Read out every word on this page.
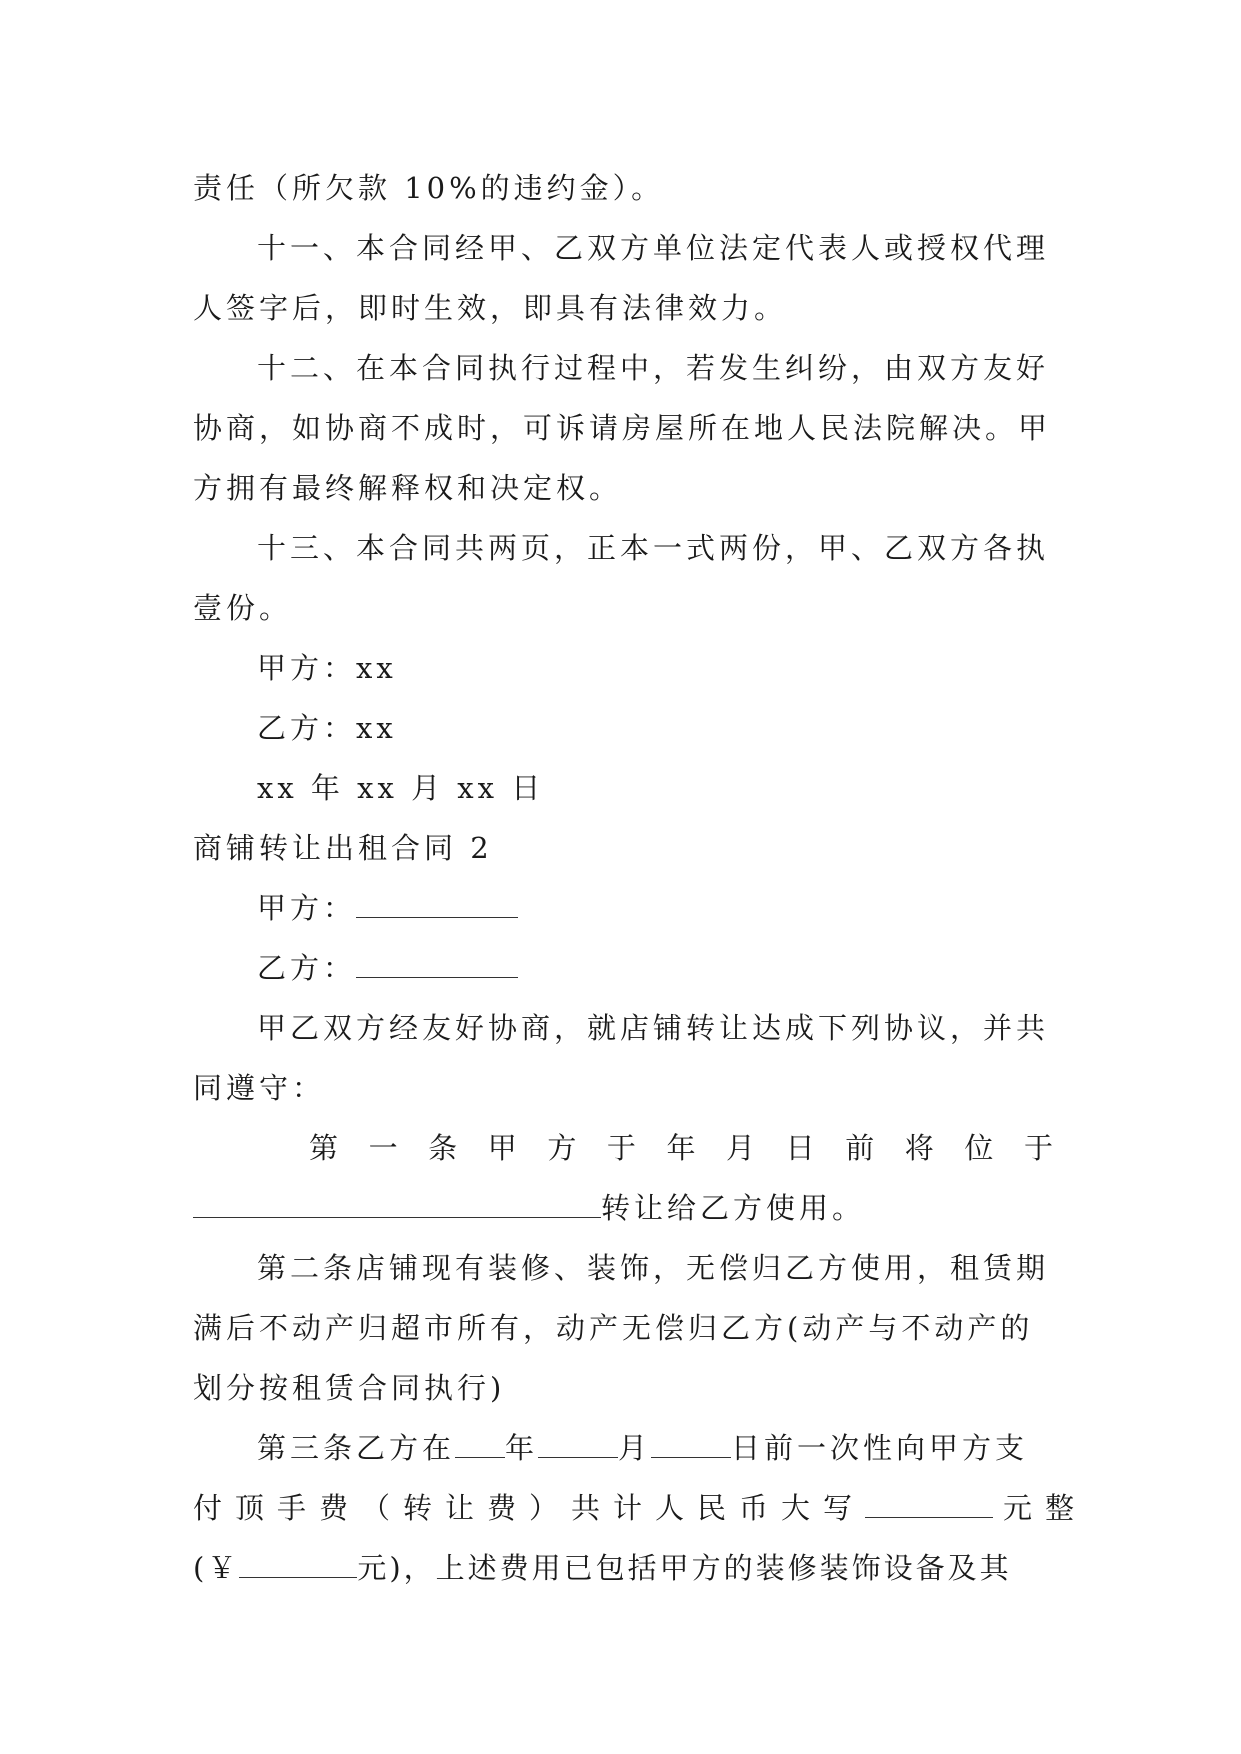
责任（所欠款 10%的违约金）。
十一、本合同经甲、乙双方单位法定代表人或授权代理
人签字后，即时生效，即具有法律效力。
十二、在本合同执行过程中，若发生纠纷，由双方友好
协商，如协商不成时，可诉请房屋所在地人民法院解决。甲
方拥有最终解释权和决定权。
十三、本合同共两页，正本一式两份，甲、乙双方各执
壹份。
甲方：xx
乙方：xx
xx 年 xx 月 xx 日
商铺转让出租合同 2
甲方：
乙方：
甲乙双方经友好协商，就店铺转让达成下列协议，并共
同遵守：
第 一 条 甲 方 于 年 月 日 前 将 位 于
转让给乙方使用。
第二条店铺现有装修、装饰，无偿归乙方使用，租赁期
满后不动产归超市所有，动产无偿归乙方(动产与不动产的
划分按租赁合同执行)
第三条乙方在 年	月	日前一次性向甲方支
付顶手费（转让费）共计人民币大写	元整
(￥	元)，上述费用已包括甲方的装修装饰设备及其
